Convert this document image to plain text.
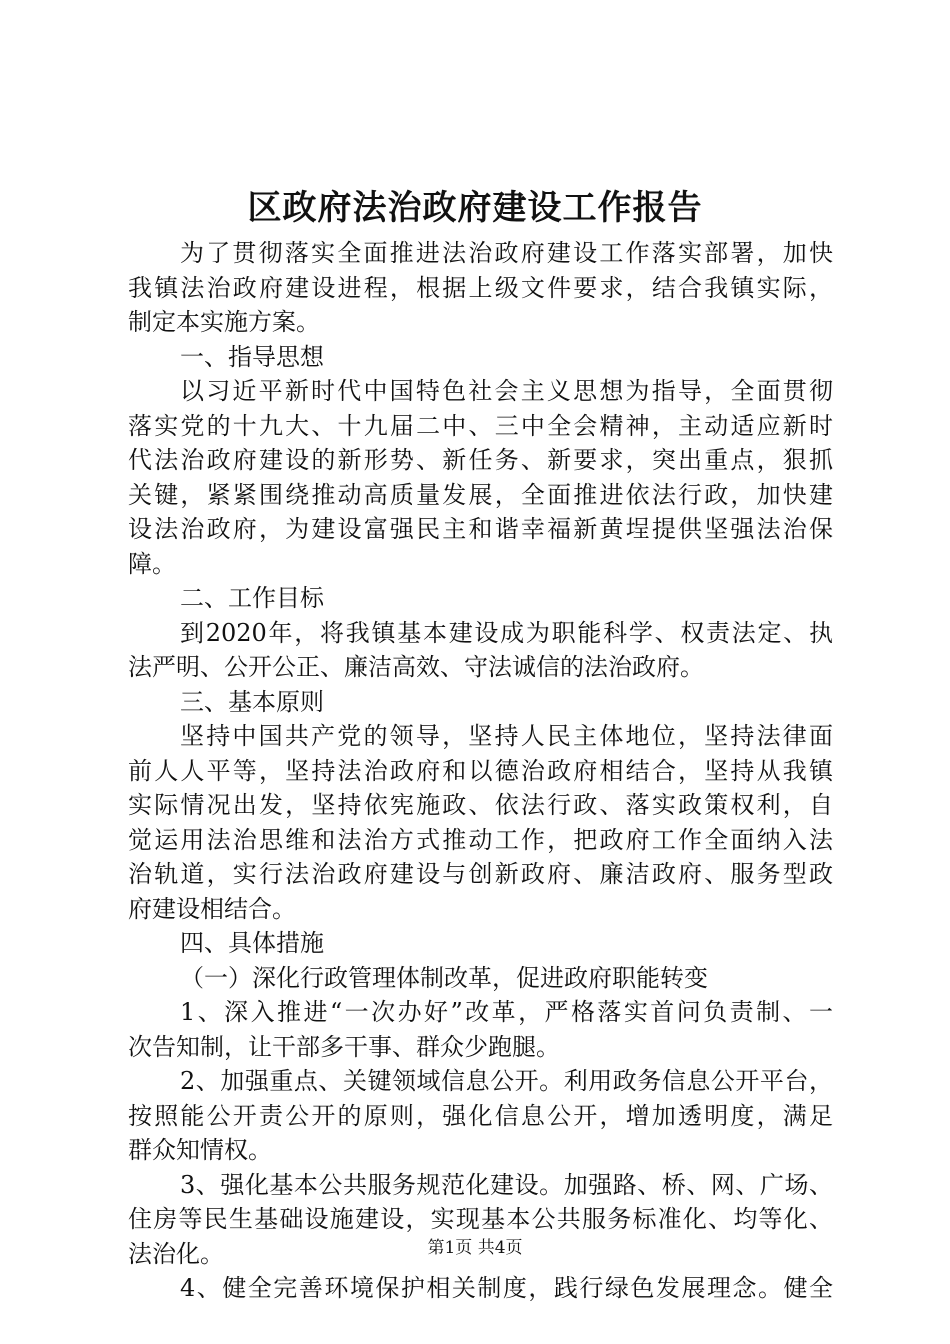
区政府法治政府建设工作报告
为了贯彻落实全面推进法治政府建设工作落实部署，加快
我镇法治政府建设进程，根据上级文件要求，结合我镇实际，
制定本实施方案。
一、指导思想
以习近平新时代中国特色社会主义思想为指导，全面贯彻
落实党的十九大、十九届二中、三中全会精神，主动适应新时
代法治政府建设的新形势、新任务、新要求，突出重点，狠抓
关键，紧紧围绕推动高质量发展，全面推进依法行政，加快建
设法治政府，为建设富强民主和谐幸福新黄埕提供坚强法治保
障。
二、工作目标
到2020年，将我镇基本建设成为职能科学、权责法定、执
法严明、公开公正、廉洁高效、守法诚信的法治政府。
三、基本原则
坚持中国共产党的领导，坚持人民主体地位，坚持法律面
前人人平等，坚持法治政府和以德治政府相结合，坚持从我镇
实际情况出发，坚持依宪施政、依法行政、落实政策权利，自
觉运用法治思维和法治方式推动工作，把政府工作全面纳入法
治轨道，实行法治政府建设与创新政府、廉洁政府、服务型政
府建设相结合。
四、具体措施
（一）深化行政管理体制改革，促进政府职能转变
1、深入推进“一次办好”改革，严格落实首问负责制、一
次告知制，让干部多干事、群众少跑腿。
2、加强重点、关键领域信息公开。利用政务信息公开平台，
按照能公开责公开的原则，强化信息公开，增加透明度，满足
群众知情权。
3、强化基本公共服务规范化建设。加强路、桥、网、广场、
住房等民生基础设施建设，实现基本公共服务标准化、均等化、
法治化。
4、健全完善环境保护相关制度，践行绿色发展理念。健全
第1页 共4页
